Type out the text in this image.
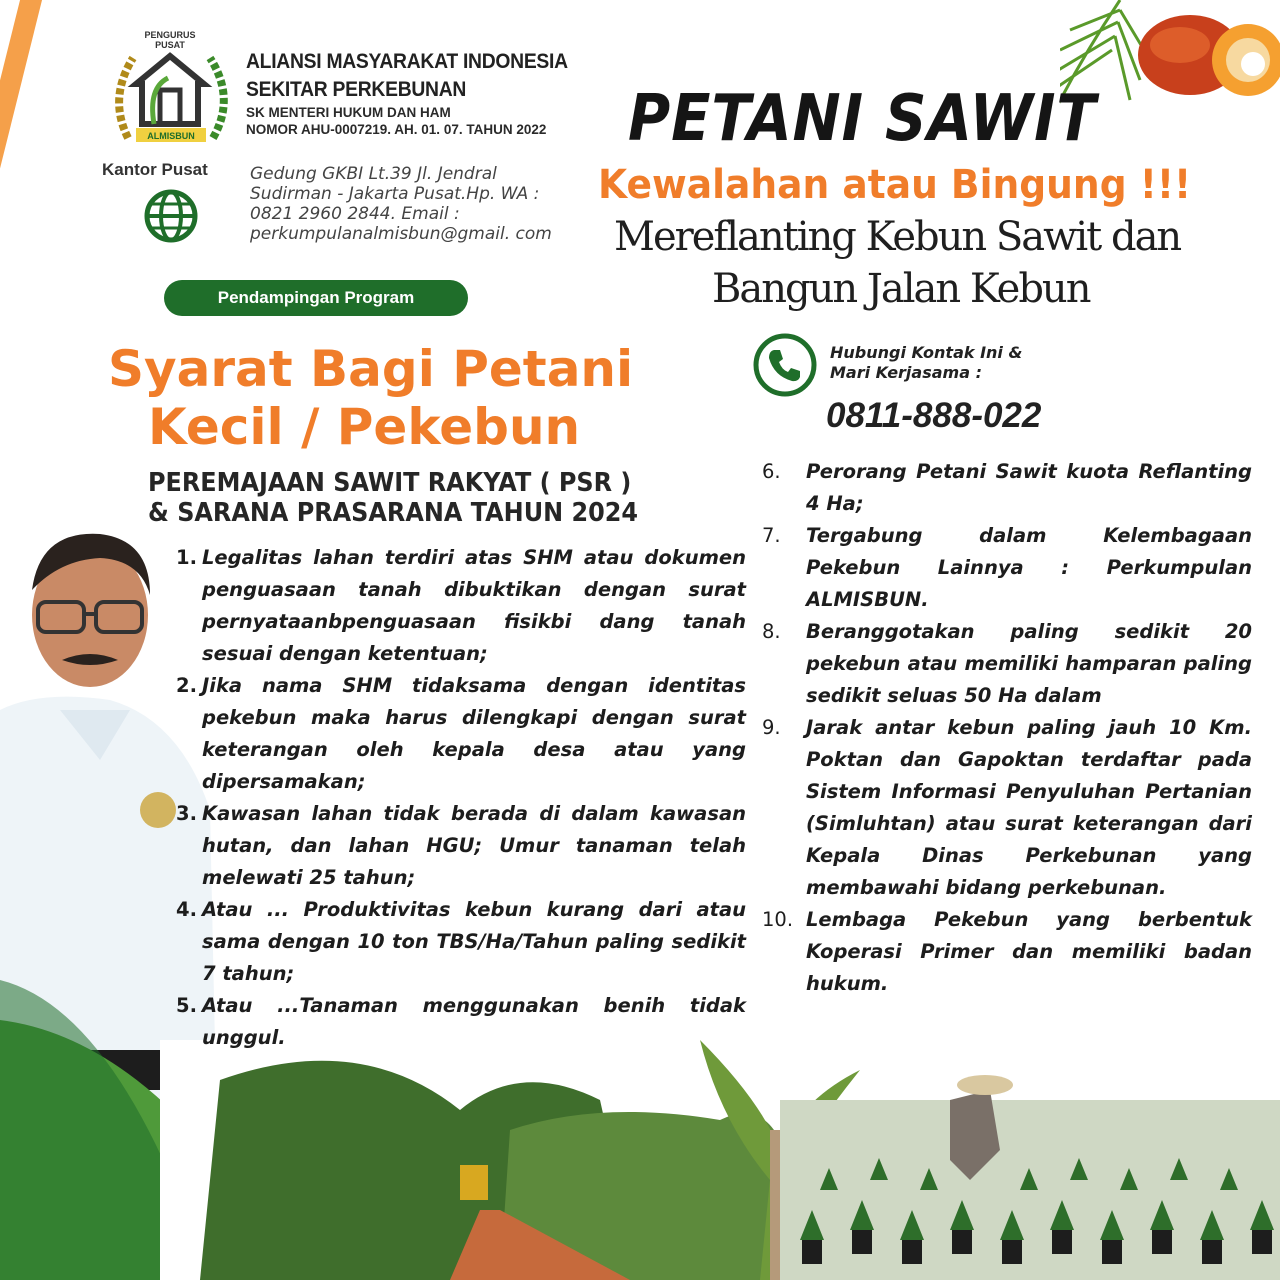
PENGURUS
PUSAT
ALMISBUN
ALIANSI MASYARAKAT INDONESIA
SEKITAR PERKEBUNAN
SK MENTERI HUKUM DAN HAM
NOMOR AHU-0007219. AH. 01. 07. TAHUN 2022
Kantor Pusat Gedung GKBI Lt.39 Jl. Jendral Sudirman - Jakarta Pusat.Hp. WA : 0821 2960 2844. Email : perkumpulanalmisbun@gmail. com
Pendampingan Program
PETANI SAWIT
Kewalahan atau Bingung !!!
Mereflanting Kebun Sawit dan
Bangun Jalan Kebun
Hubungi Kontak Ini &
Mari Kerjasama :
0811-888-022
Syarat Bagi Petani
Kecil / Pekebun
PEREMAJAAN SAWIT RAKYAT ( PSR )
& SARANA PRASARANA TAHUN 2024
1. Legalitas lahan terdiri atas SHM atau dokumen penguasaan tanah dibuktikan dengan surat pernyataanbpenguasaan fisikbi dang tanah sesuai dengan ketentuan;
2. Jika nama SHM tidaksama dengan identitas pekebun maka harus dilengkapi dengan surat keterangan oleh kepala desa atau yang dipersamakan;
3. Kawasan lahan tidak berada di dalam kawasan hutan, dan lahan HGU; Umur tanaman telah melewati 25 tahun;
4. Atau ... Produktivitas kebun kurang dari atau sama dengan 10 ton TBS/Ha/Tahun paling sedikit 7 tahun;
5. Atau ...Tanaman menggunakan benih tidak unggul.
6.	Perorang Petani Sawit kuota Reflanting 4 Ha;
7.	Tergabung dalam Kelembagaan Pekebun Lainnya : Perkumpulan ALMISBUN.
8.	Beranggotakan paling sedikit 20 pekebun atau memiliki hamparan paling sedikit seluas 50 Ha dalam
9.	Jarak antar kebun paling jauh 10 Km. Poktan dan Gapoktan terdaftar pada Sistem Informasi Penyuluhan Pertanian (Simluhtan) atau surat keterangan dari Kepala Dinas Perkebunan yang membawahi bidang perkebunan.
10. Lembaga Pekebun yang berbentuk Koperasi Primer dan memiliki badan hukum.
